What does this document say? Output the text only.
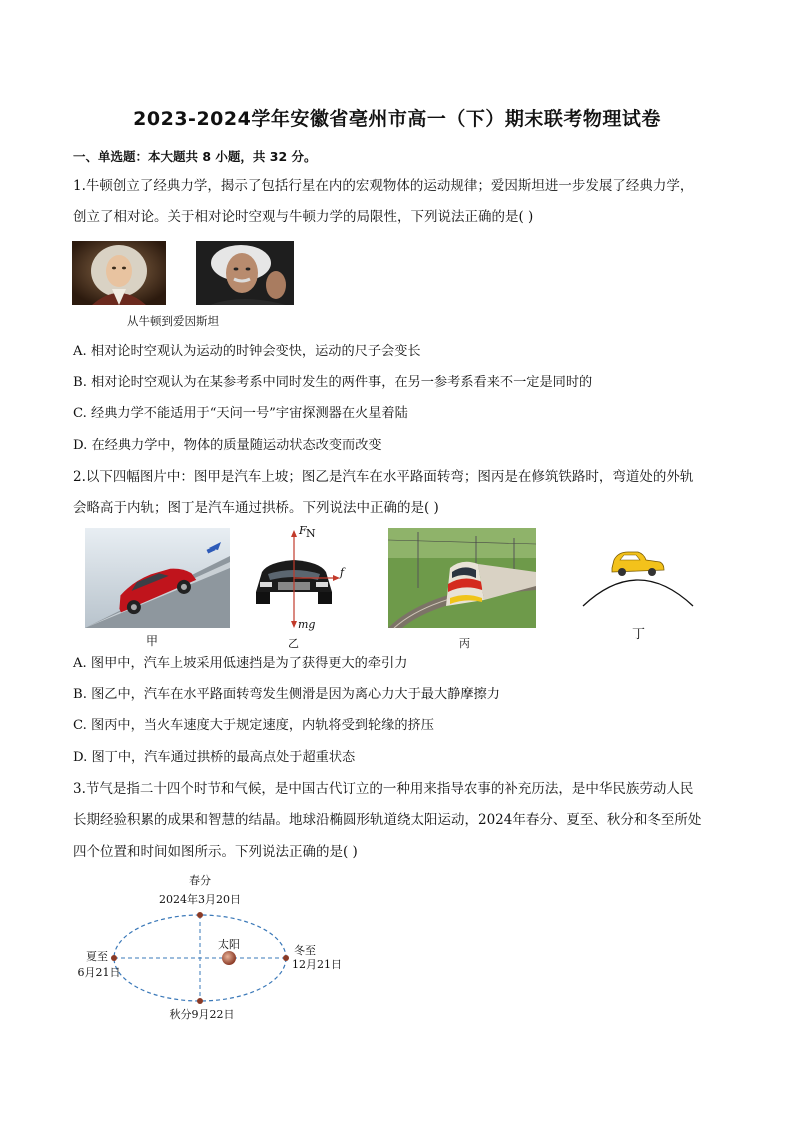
2023-2024学年安徽省亳州市高一（下）期末联考物理试卷
一、单选题：本大题共 8 小题，共 32 分。
1.牛顿创立了经典力学，揭示了包括行星在内的宏观物体的运动规律；爱因斯坦进一步发展了经典力学，
创立了相对论。关于相对论时空观与牛顿力学的局限性，下列说法正确的是( )
从牛顿到爱因斯坦
A. 相对论时空观认为运动的时钟会变快，运动的尺子会变长
B. 相对论时空观认为在某参考系中同时发生的两件事，在另一参考系看来不一定是同时的
C. 经典力学不能适用于“天问一号”宇宙探测器在火星着陆
D. 在经典力学中，物体的质量随运动状态改变而改变
2.以下四幅图片中：图甲是汽车上坡；图乙是汽车在水平路面转弯；图丙是在修筑铁路时，弯道处的外轨
会略高于内轨；图丁是汽车通过拱桥。下列说法中正确的是( )
甲
F N
f
mg
乙	丙
丁
A. 图甲中，汽车上坡采用低速挡是为了获得更大的牵引力
B. 图乙中，汽车在水平路面转弯发生侧滑是因为离心力大于最大静摩擦力
C. 图丙中，当火车速度大于规定速度，内轨将受到轮缘的挤压
D. 图丁中，汽车通过拱桥的最高点处于超重状态
3.节气是指二十四个时节和气候，是中国古代订立的一种用来指导农事的补充历法，是中华民族劳动人民
长期经验积累的成果和智慧的结晶。地球沿椭圆形轨道绕太阳运动，2024年春分、夏至、秋分和冬至所处
四个位置和时间如图所示。下列说法正确的是( )
春分
2024年3月20日
太阳
夏至
6月21日
冬至
12月21日
秋分9月22日
